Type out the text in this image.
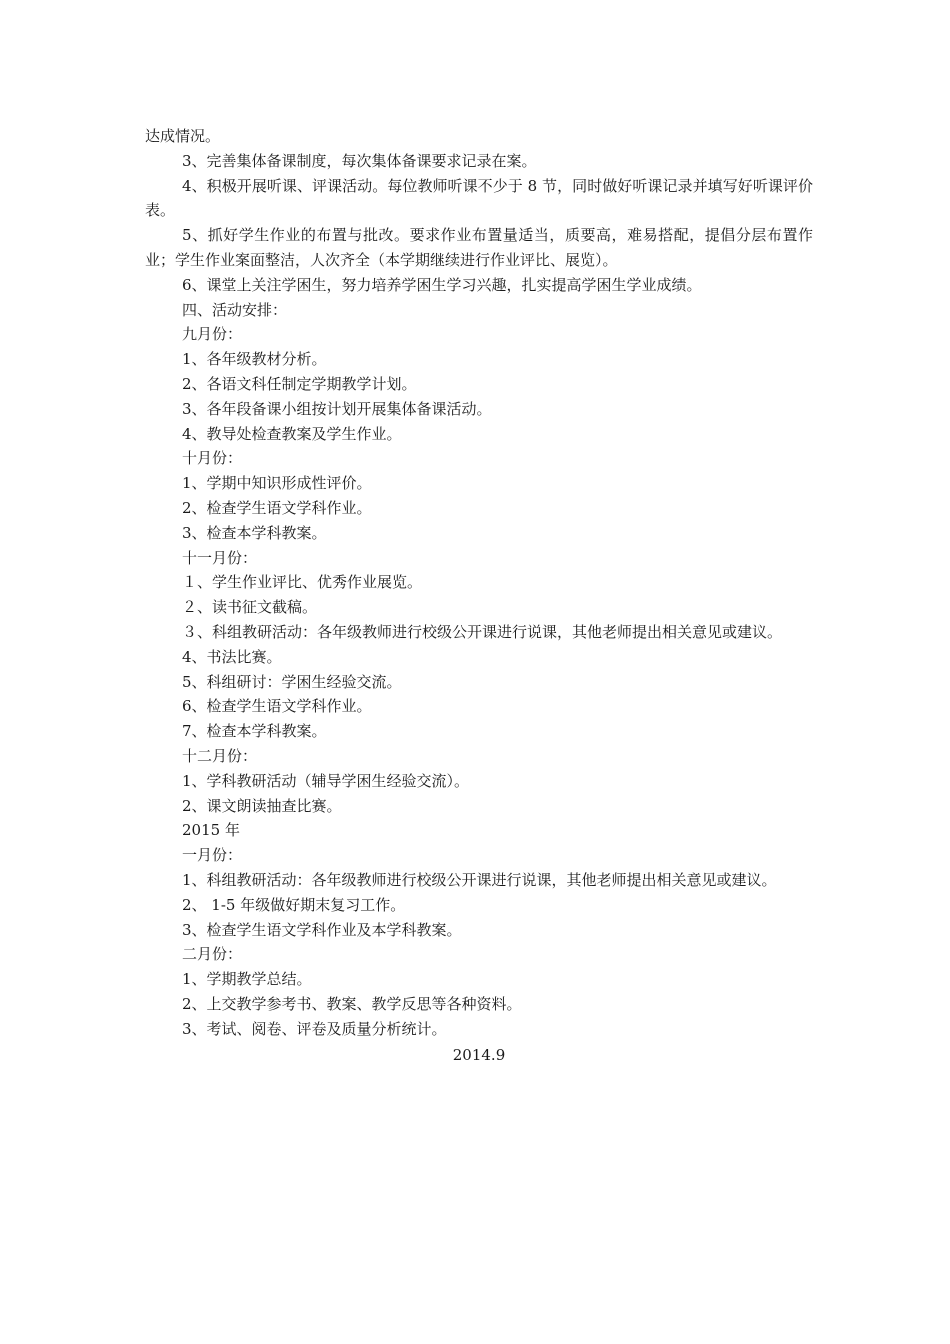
达成情况。

3、完善集体备课制度，每次集体备课要求记录在案。

4、积极开展听课、评课活动。每位教师听课不少于 8 节，同时做好听课记录并填写好听课评价表。

5、抓好学生作业的布置与批改。要求作业布置量适当，质要高，难易搭配，提倡分层布置作业；学生作业案面整洁，人次齐全（本学期继续进行作业评比、展览）。

6、课堂上关注学困生，努力培养学困生学习兴趣，扎实提高学困生学业成绩。

四、活动安排：

九月份：

1、各年级教材分析。

2、各语文科任制定学期教学计划。

3、各年段备课小组按计划开展集体备课活动。

4、教导处检查教案及学生作业。

十月份：

1、学期中知识形成性评价。

2、检查学生语文学科作业。

3、检查本学科教案。

十一月份：

１、学生作业评比、优秀作业展览。

２、读书征文截稿。

３、科组教研活动：各年级教师进行校级公开课进行说课，其他老师提出相关意见或建议。

4、书法比赛。

5、科组研讨：学困生经验交流。

6、检查学生语文学科作业。

7、检查本学科教案。

十二月份：

1、学科教研活动（辅导学困生经验交流）。

2、课文朗读抽查比赛。

2015 年

一月份：

1、科组教研活动：各年级教师进行校级公开课进行说课，其他老师提出相关意见或建议。

2、 1-5 年级做好期末复习工作。

3、检查学生语文学科作业及本学科教案。

二月份：

1、学期教学总结。

2、上交教学参考书、教案、教学反思等各种资料。

3、考试、阅卷、评卷及质量分析统计。

2014.9
